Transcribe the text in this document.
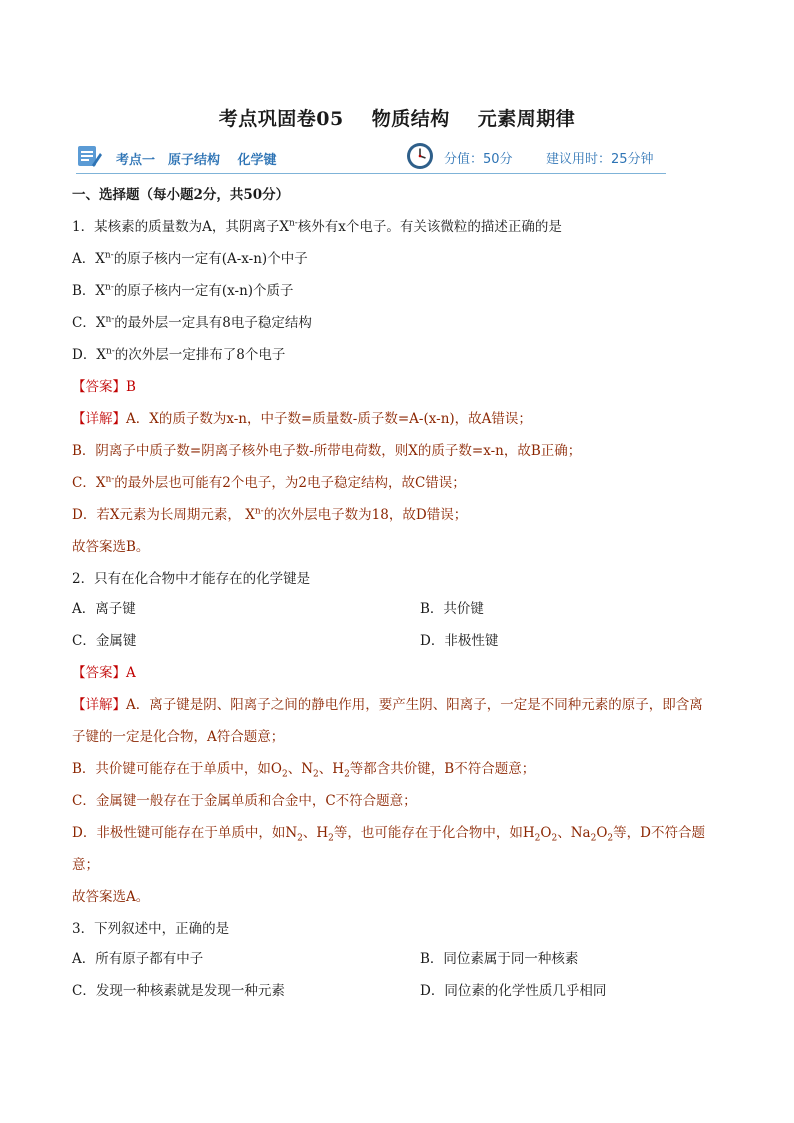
考点巩固卷05 物质结构 元素周期律
考点一　原子结构　 化学键	分值：50分	建议用时：25分钟
一、选择题（每小题2分，共50分）
1．某核素的质量数为A，其阴离子$X^{n-}$核外有x个电子。有关该微粒的描述正确的是
A．$X^{n-}$的原子核内一定有(A-x-n)个中子
B．$X^{n-}$的原子核内一定有(x-n)个质子
C．$X^{n-}$的最外层一定具有8电子稳定结构
D．$X^{n-}$的次外层一定排布了8个电子
【答案】B
【详解】A．X的质子数为x-n，中子数=质量数-质子数=A-(x-n)，故A错误；
B．阴离子中质子数=阴离子核外电子数-所带电荷数，则X的质子数=x-n，故B正确；
C．$X^{n-}$的最外层也可能有2个电子，为2电子稳定结构，故C错误；
D．若X元素为长周期元素， $X^{n-}$的次外层电子数为18，故D错误；
故答案选B。
2．只有在化合物中才能存在的化学键是
A．离子键	B．共价键
C．金属键	D．非极性键
【答案】A
【详解】A．离子键是阴、阳离子之间的静电作用，要产生阴、阳离子，一定是不同种元素的原子，即含离
子键的一定是化合物，A符合题意；
B．共价键可能存在于单质中，如$O_2$、$N_2$、$H_2$等都含共价键，B不符合题意；
C．金属键一般存在于金属单质和合金中，C不符合题意；
D．非极性键可能存在于单质中，如$N_2$、$H_2$等，也可能存在于化合物中，如$H_2O_2$、$Na_2O_2$等，D不符合题
意；
故答案选A。
3．下列叙述中，正确的是
A．所有原子都有中子	B．同位素属于同一种核素
C．发现一种核素就是发现一种元素	D．同位素的化学性质几乎相同
